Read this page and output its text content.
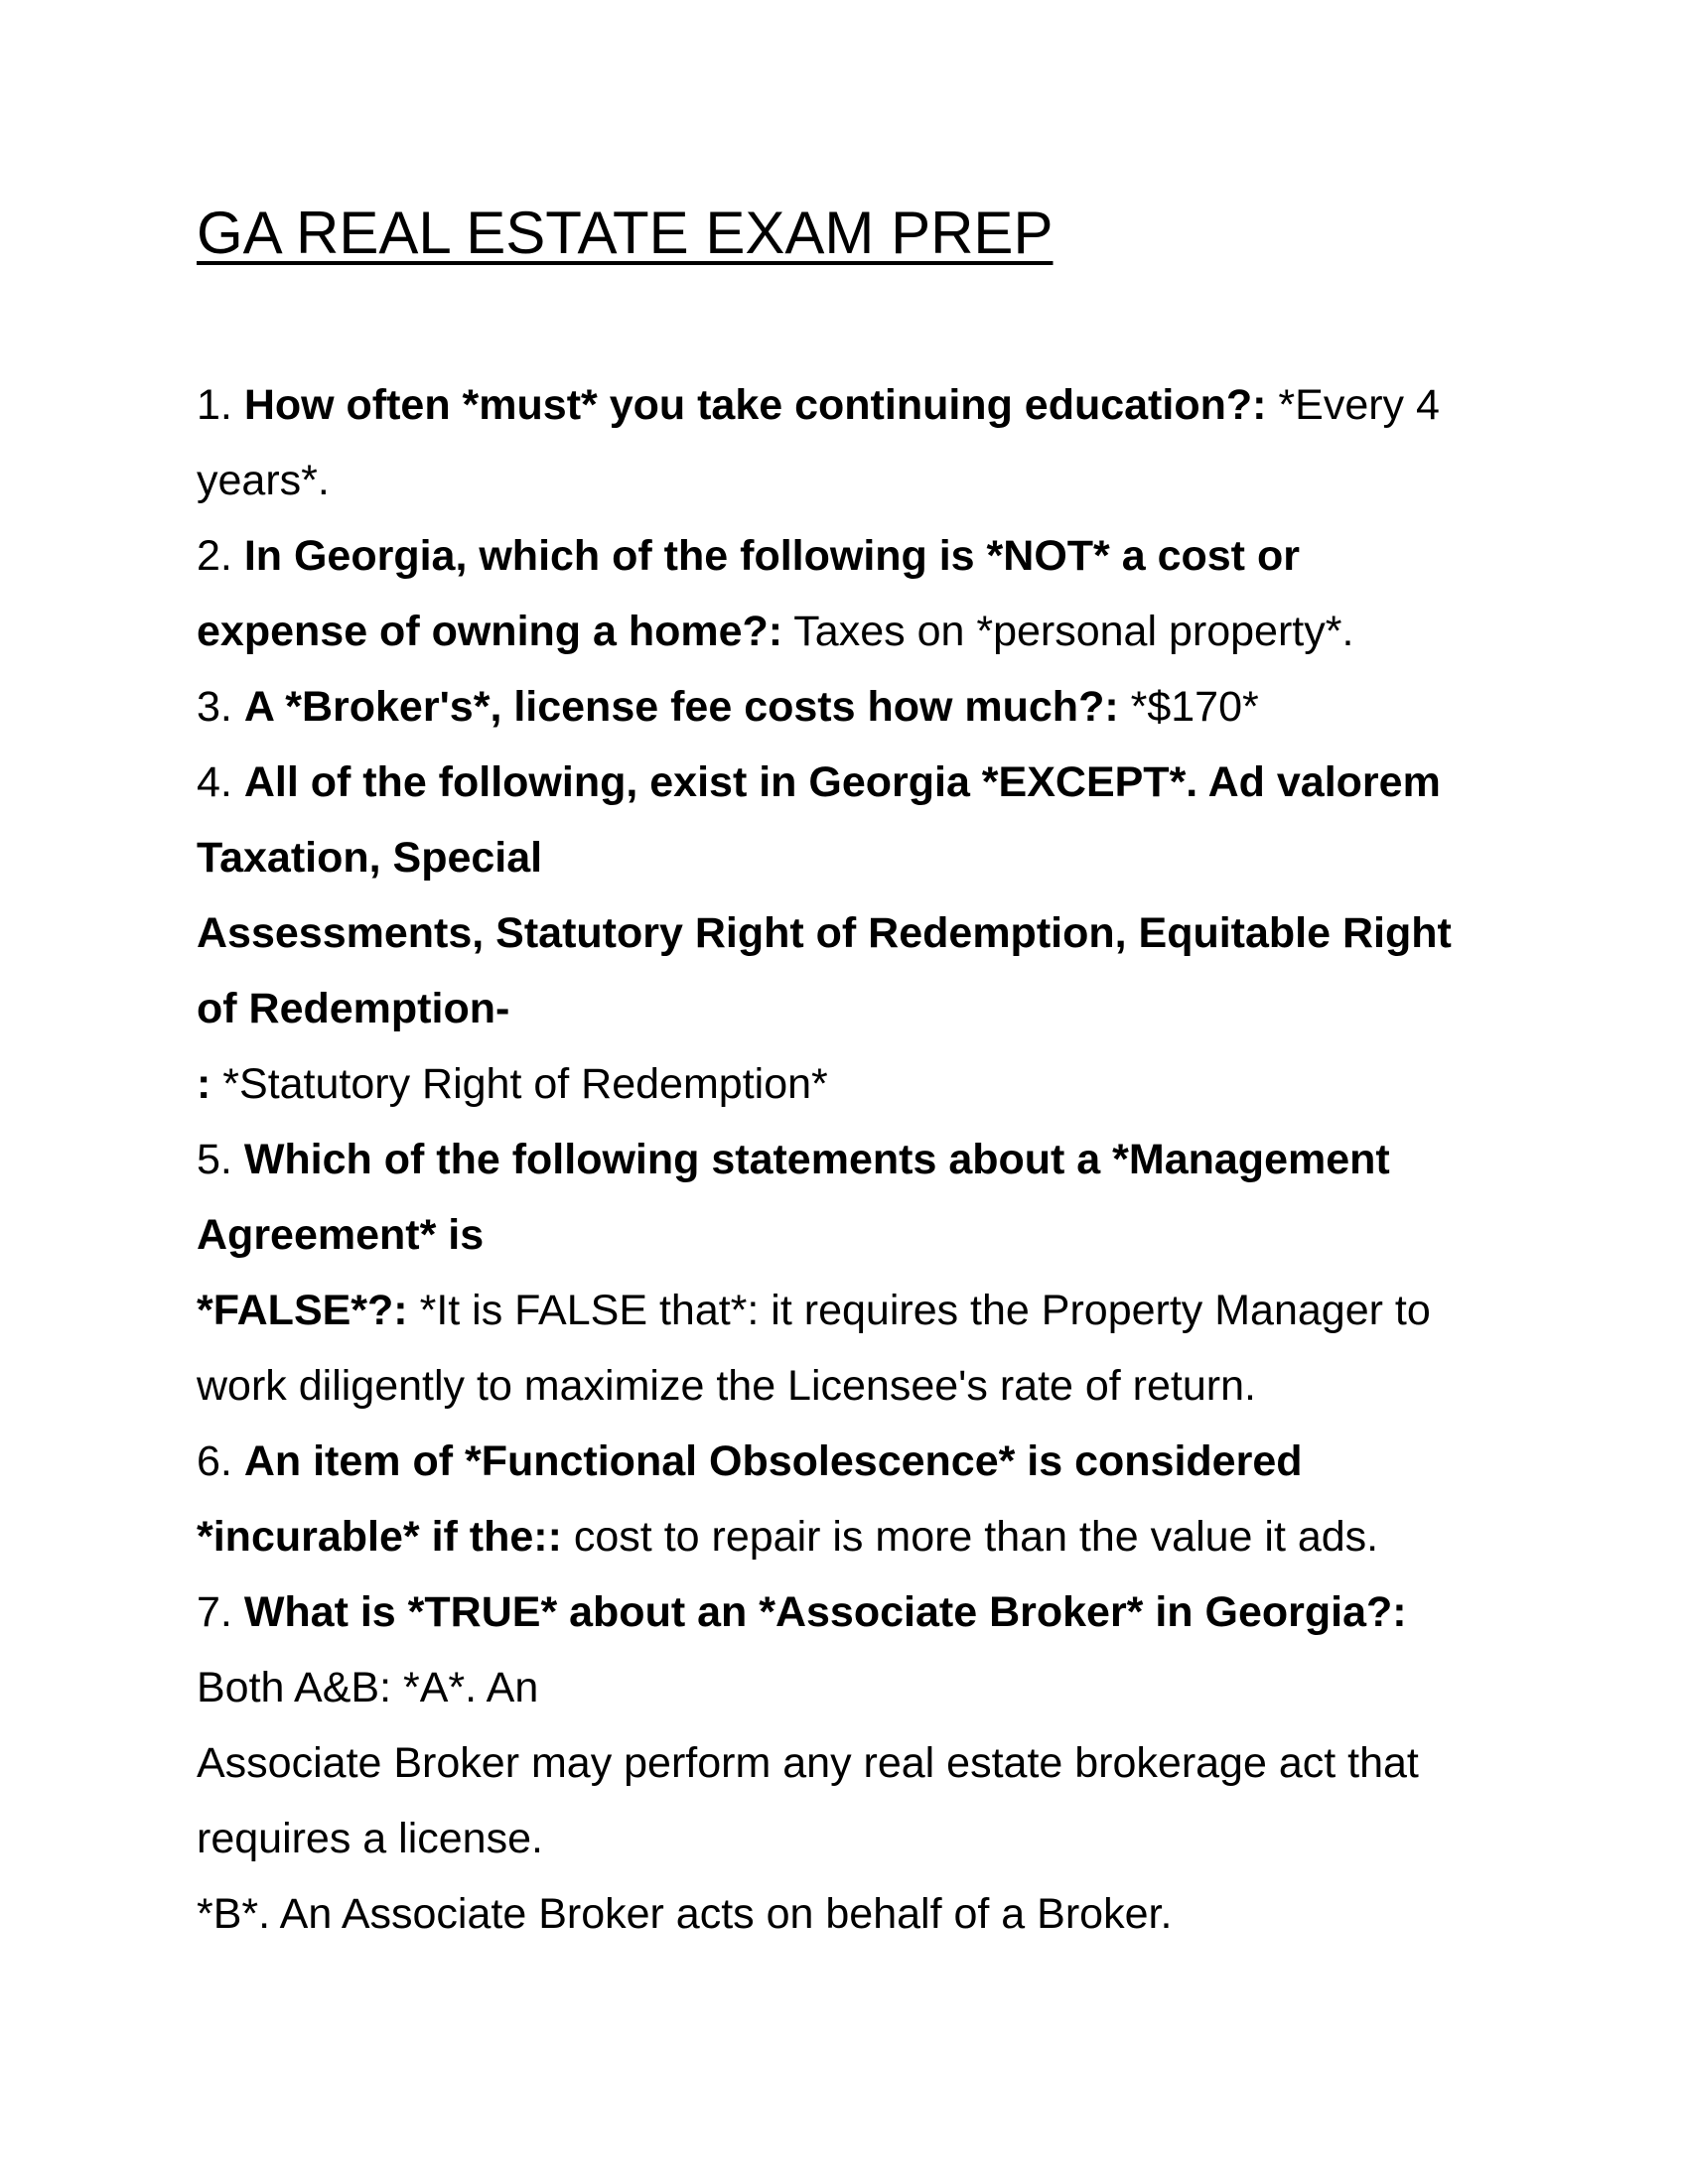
GA REAL ESTATE EXAM PREP
1. How often *must* you take continuing education?: *Every 4
years*.
2. In Georgia, which of the following is *NOT* a cost or
expense of owning a home?: Taxes on *personal property*.
3. A *Broker's*, license fee costs how much?: *$170*
4. All of the following, exist in Georgia *EXCEPT*. Ad valorem
Taxation, Special
Assessments, Statutory Right of Redemption, Equitable Right
of Redemption-
: *Statutory Right of Redemption*
5. Which of the following statements about a *Management
Agreement* is
*FALSE*?: *It is FALSE that*: it requires the Property Manager to
work diligently to maximize the Licensee's rate of return.
6. An item of *Functional Obsolescence* is considered
*incurable* if the:: cost to repair is more than the value it ads.
7. What is *TRUE* about an *Associate Broker* in Georgia?:
Both A&B: *A*. An
Associate Broker may perform any real estate brokerage act that
requires a license.
*B*. An Associate Broker acts on behalf of a Broker.
